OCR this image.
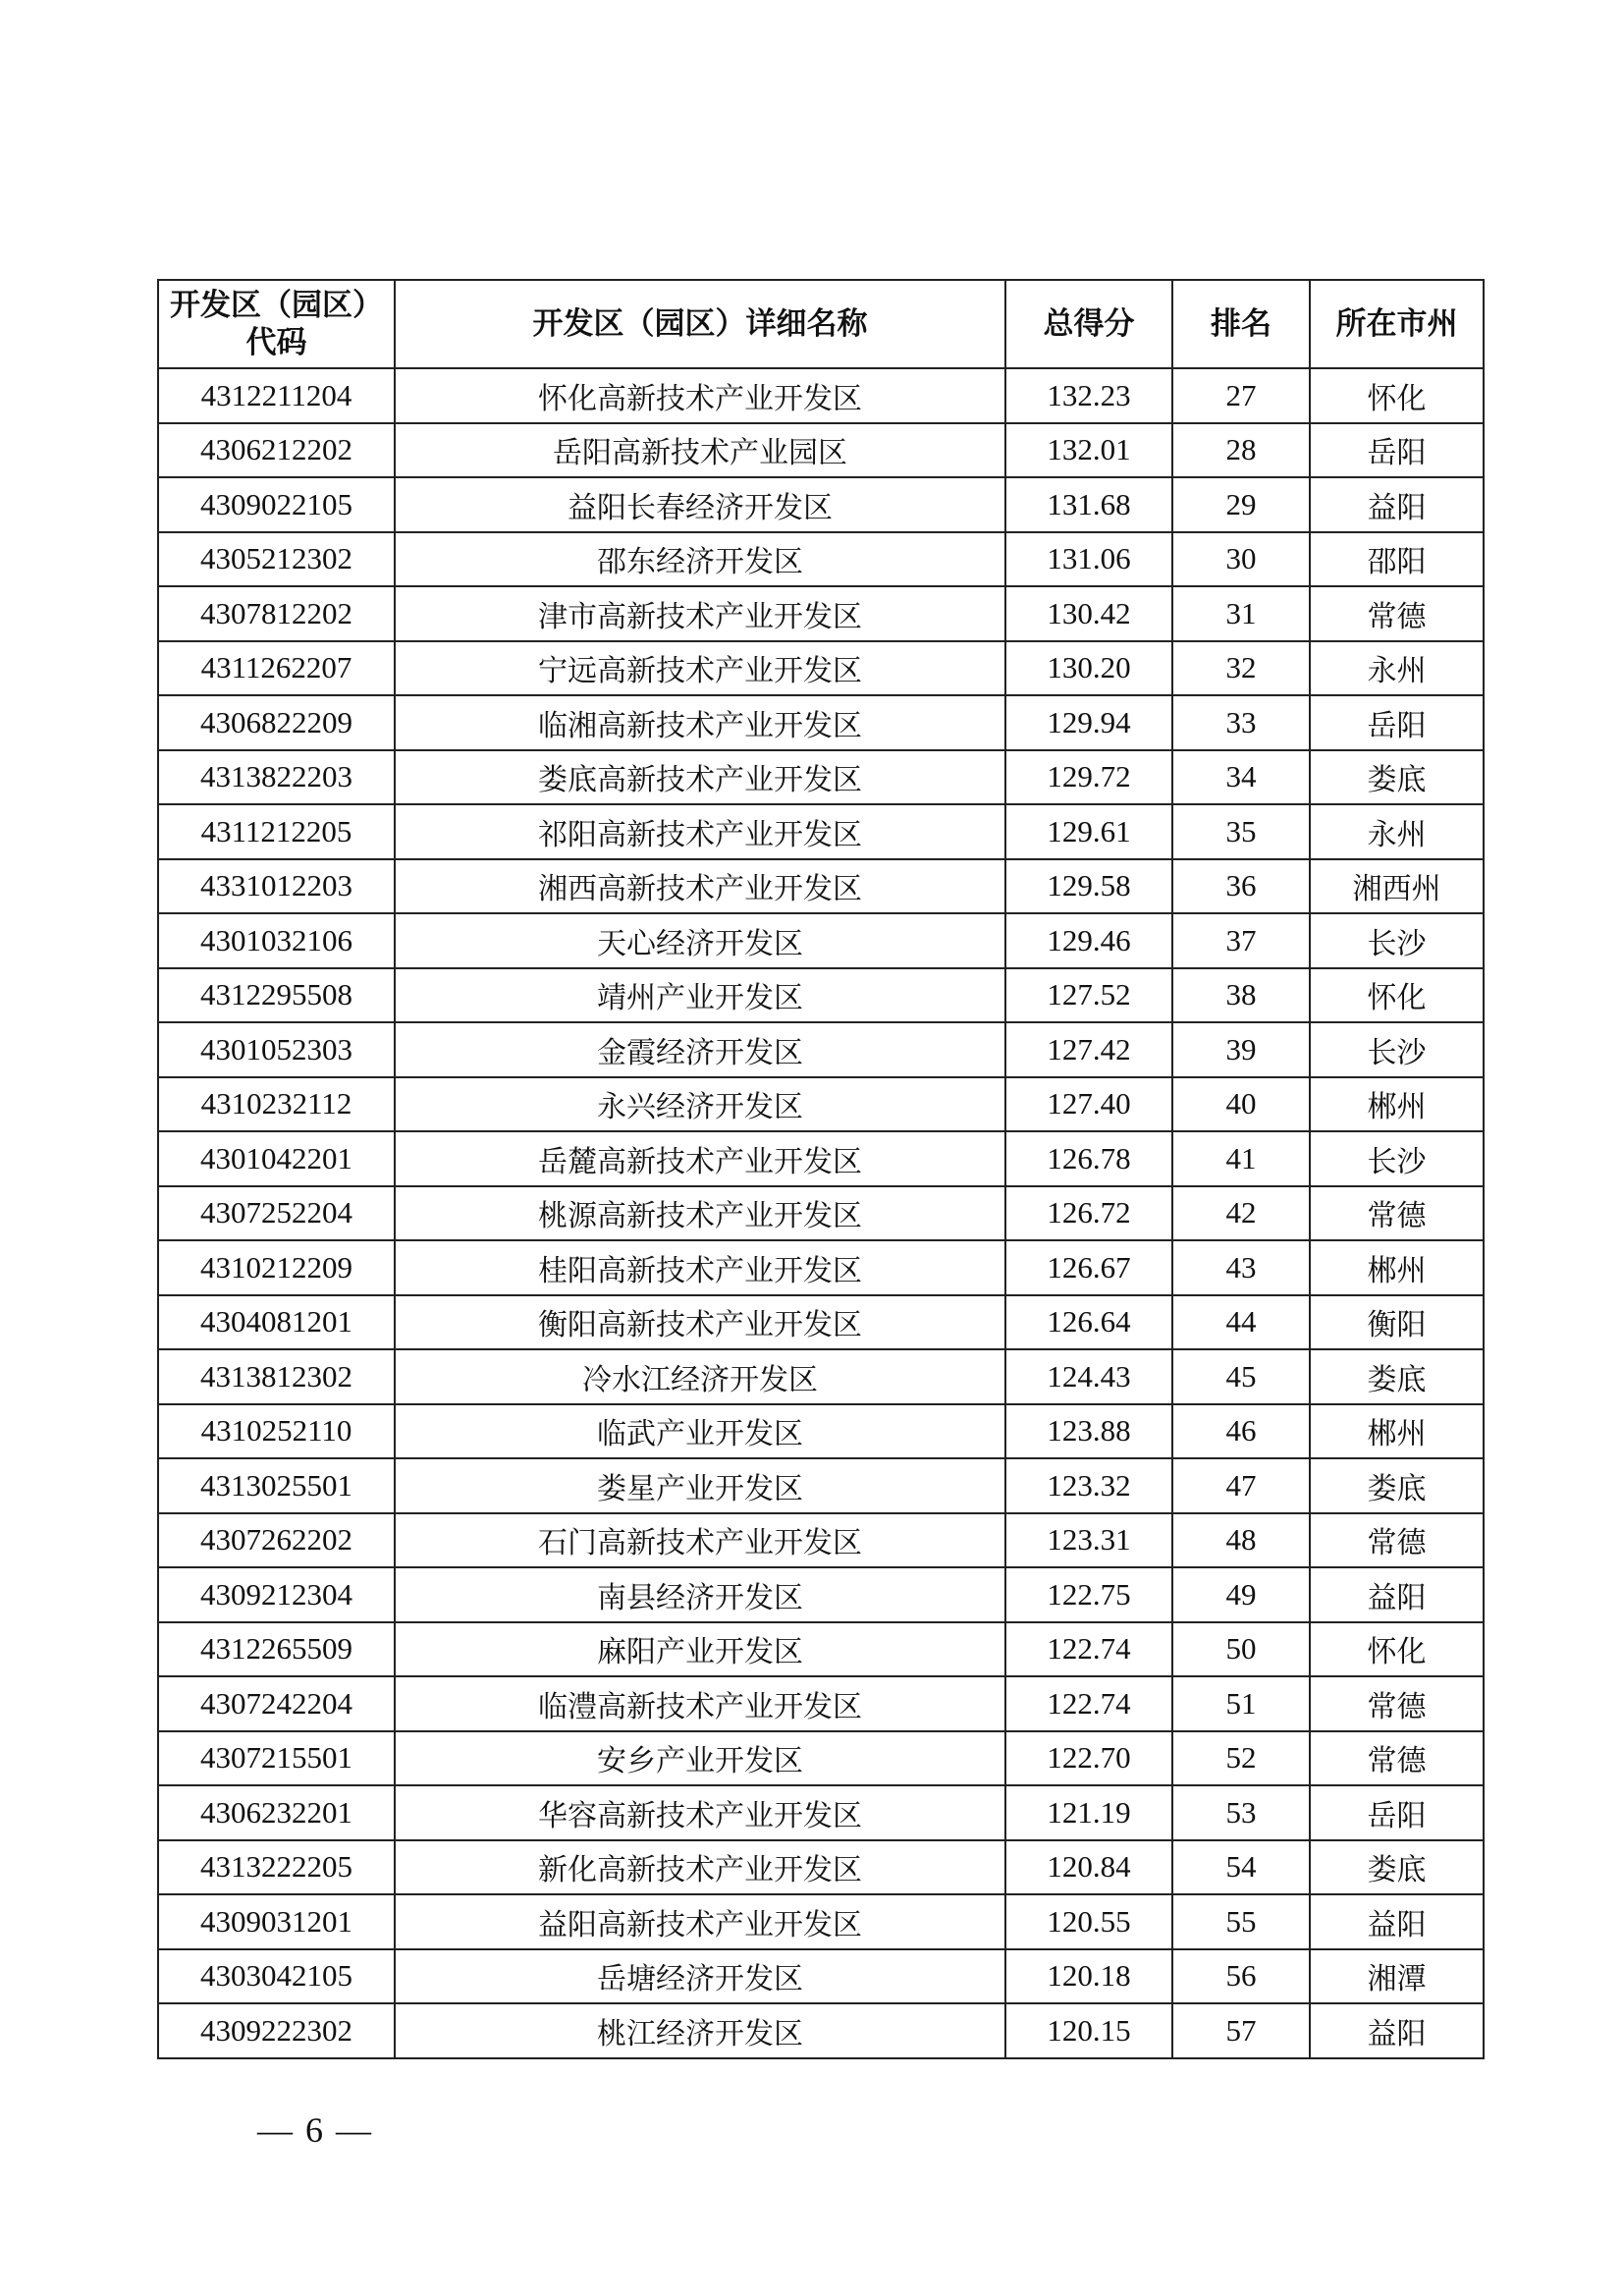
开发区（园区）代码	开发区（园区）详细名称	总得分	排名	所在市州
4312211204	怀化高新技术产业开发区	132.23	27	怀化
4306212202	岳阳高新技术产业园区	132.01	28	岳阳
4309022105	益阳长春经济开发区	131.68	29	益阳
4305212302	邵东经济开发区	131.06	30	邵阳
4307812202	津市高新技术产业开发区	130.42	31	常德
4311262207	宁远高新技术产业开发区	130.20	32	永州
4306822209	临湘高新技术产业开发区	129.94	33	岳阳
4313822203	娄底高新技术产业开发区	129.72	34	娄底
4311212205	祁阳高新技术产业开发区	129.61	35	永州
4331012203	湘西高新技术产业开发区	129.58	36	湘西州
4301032106	天心经济开发区	129.46	37	长沙
4312295508	靖州产业开发区	127.52	38	怀化
4301052303	金霞经济开发区	127.42	39	长沙
4310232112	永兴经济开发区	127.40	40	郴州
4301042201	岳麓高新技术产业开发区	126.78	41	长沙
4307252204	桃源高新技术产业开发区	126.72	42	常德
4310212209	桂阳高新技术产业开发区	126.67	43	郴州
4304081201	衡阳高新技术产业开发区	126.64	44	衡阳
4313812302	冷水江经济开发区	124.43	45	娄底
4310252110	临武产业开发区	123.88	46	郴州
4313025501	娄星产业开发区	123.32	47	娄底
4307262202	石门高新技术产业开发区	123.31	48	常德
4309212304	南县经济开发区	122.75	49	益阳
4312265509	麻阳产业开发区	122.74	50	怀化
4307242204	临澧高新技术产业开发区	122.74	51	常德
4307215501	安乡产业开发区	122.70	52	常德
4306232201	华容高新技术产业开发区	121.19	53	岳阳
4313222205	新化高新技术产业开发区	120.84	54	娄底
4309031201	益阳高新技术产业开发区	120.55	55	益阳
4303042105	岳塘经济开发区	120.18	56	湘潭
4309222302	桃江经济开发区	120.15	57	益阳
— 6 —
